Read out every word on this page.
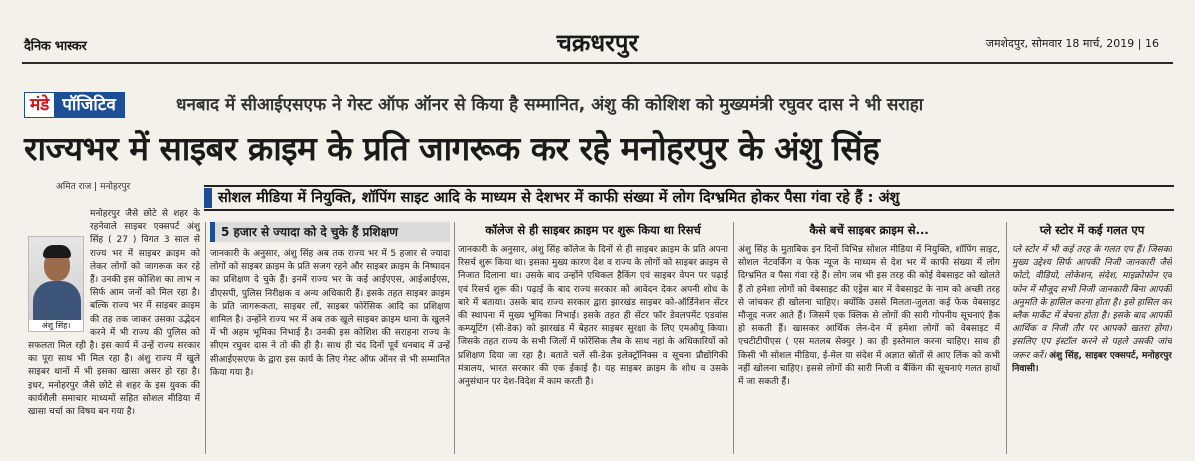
दैनिक भास्कर	चक्रधरपुर	जमशेदपुर, सोमवार 18 मार्च, 2019 | 16
मंडे पॉजिटिव	धनबाद में सीआईएसएफ ने गेस्ट ऑफ ऑनर से किया है सम्मानित, अंशु की कोशिश को मुख्यमंत्री रघुवर दास ने भी सराहा
राज्यभर में साइबर क्राइम के प्रति जागरूक कर रहे मनोहरपुर के अंशु सिंह
अमित राज मनोहरपुर
सोशल मीडिया में नियुक्ति, शॉपिंग साइट आदि के माध्यम से देशभर में काफी संख्या में लोग दिग्भ्रमित होकर पैसा गंवा रहे हैं : अंशु
अंशु सिंह।

मनोहरपुर जैसे छोटे से शहर के रहनेवाले साइबर एक्सपर्ट अंशु सिंह ( 27 ) विगत 3 साल से राज्य भर में साइबर क्राइम को लेकर लोगों को जागरूक कर रहे हैं। उनकी इस कोशिश का लाभ न सिर्फ आम जनों को मिल रहा है। बल्कि राज्य भर में साइबर क्राइम की तह तक जाकर उसका उद्भेदन करने में भी राज्य की पुलिस को सफलता मिल रही है। इस कार्य में उन्हें राज्य सरकार का पूरा साथ भी मिल रहा है। अंशु राज्य में खुले साइबर थानों में भी इसका खासा असर हो रहा है। इधर, मनोहरपुर जैसे छोटे से शहर के इस युवक की कार्यशैली समाचार माध्यमों सहित सोशल मीडिया में खासा चर्चा का विषय बन गया है।

5 हजार से ज्यादा को दे चुके हैं प्रशिक्षण

जानकारी के अनुसार, अंशु सिंह अब तक राज्य भर में 5 हजार से ज्यादा लोगों को साइबर क्राइम के प्रति सजग रहने और साइबर क्राइम के निष्पादन का प्रशिक्षण दे चुके हैं। इनमें राज्य भर के कई आईएएस, आईआईएस, डीएसपी, पुलिस निरीक्षक व अन्य अधिकारी हैं। इसके तहत साइबर क्राइम के प्रति जागरूकता, साइबर लॉ, साइबर फोरेंसिक आदि का प्रशिक्षण शामिल है। उन्होंने राज्य भर में अब तक खुले साइबर क्राइम थाना के खुलने में भी अहम भूमिका निभाई है। उनकी इस कोशिश की सराहना राज्य के सीएम रघुवर दास ने तो की ही है। साथ ही चंद दिनों पूर्व धनबाद में उन्हें सीआईएसएफ के द्वारा इस कार्य के लिए गेस्ट ऑफ ऑनर से भी सम्मानित किया गया है।

कॉलेज से ही साइबर क्राइम पर शुरू किया था रिसर्च

जानकारी के अनुसार, अंशु सिंह कॉलेज के दिनों से ही साइबर क्राइम के प्रति अपना रिसर्च शुरू किया था। इसका मुख्य कारण देश व राज्य के लोगों को साइबर क्राइम से निजात दिलाना था। उसके बाद उन्होंने एथिकल हैकिंग एवं साइबर वेपन पर पढ़ाई एवं रिसर्च शुरू की। पढ़ाई के बाद राज्य सरकार को आवेदन देकर अपनी शोध के बारे में बताया। उसके बाद राज्य सरकार द्वारा झारखंड साइबर को-ऑर्डिनेशन सेंटर की स्थापना में मुख्य भूमिका निभाई। इसके तहत ही सेंटर फॉर डेवलपमेंट एडवांस कम्प्यूटिंग (सी-डेक) को झारखंड में बेहतर साइबर सुरक्षा के लिए एमओयू किया। जिसके तहत राज्य के सभी जिलों में फोरेंसिक लैब के साथ नहां के अधिकारियों को प्रशिक्षण दिया जा रहा है। बताते चलें सी-डेक इलेक्ट्रॉनिक्स व सूचना प्रौद्योगिकी मंत्रालय, भारत सरकार की एक ईकाई है। यह साइबर क्राइम के शोध व उसके अनुसंधान पर देश-विदेश में काम करती है।

कैसे बचें साइबर क्राइम से...

अंशु सिंह के मुताबिक इन दिनों विभिन्न सोशल मीडिया में नियुक्ति, शॉपिंग साइट, सोशल नेटवर्किंग व फेक न्यूज के माध्यम से देश भर में काफी संख्या में लोग दिग्भ्रमित व पैसा गंवा रहे हैं। लोग जब भी इस तरह की कोई वेबसाइट को खोलते हैं तो हमेशा लोगों को वेबसाइट की एड्रेस बार में वेबसाइट के नाम को अच्छी तरह से जांचकर ही खोलना चाहिए। क्योंकि उससे मिलता-जुलता कई फेक वेबसाइट मौजूद नजर आते हैं। जिसमें एक क्लिक से लोगों की सारी गोपनीय सूचनाएं हैक हो सकती हैं। खासकर आर्थिक लेन-देन में हमेशा लोगों को वेबसाइट में एचटीटीपीएस ( एस मतलब सेक्युर ) का ही इस्तेमाल करना चाहिए। साथ ही किसी भी सोशल मीडिया, ई-मेल या संदेश में अज्ञात स्रोतों से आए लिंक को कभी नहीं खोलना चाहिए। इससे लोगों की सारी निजी व बैंकिंग की सूचनाएं गलत हाथों में जा सकती हैं।

प्ले स्टोर में कई गलत एप

प्ले स्टोर में भी कई तरह के गलत एप हैं। जिसका मुख्य उद्देश्य सिर्फ आपकी निजी जानकारी जैसे फोटो, वीडियो, लोकेशन, संदेश, माइक्रोफोन एवं फोन में मौजूद सभी निजी जानकारी बिना आपकी अनुमति के हासिल करना होता है। इसे हासिल कर ब्लैक मार्केट में बेचना होता है। इसके बाद आपकी आर्थिक व निजी तौर पर आपको खतरा होगा। इसलिए एप इंस्टॉल करने से पहले उसकी जांच जरूर करें। अंशु सिंह, साइबर एक्सपर्ट, मनोहरपुर निवासी।
